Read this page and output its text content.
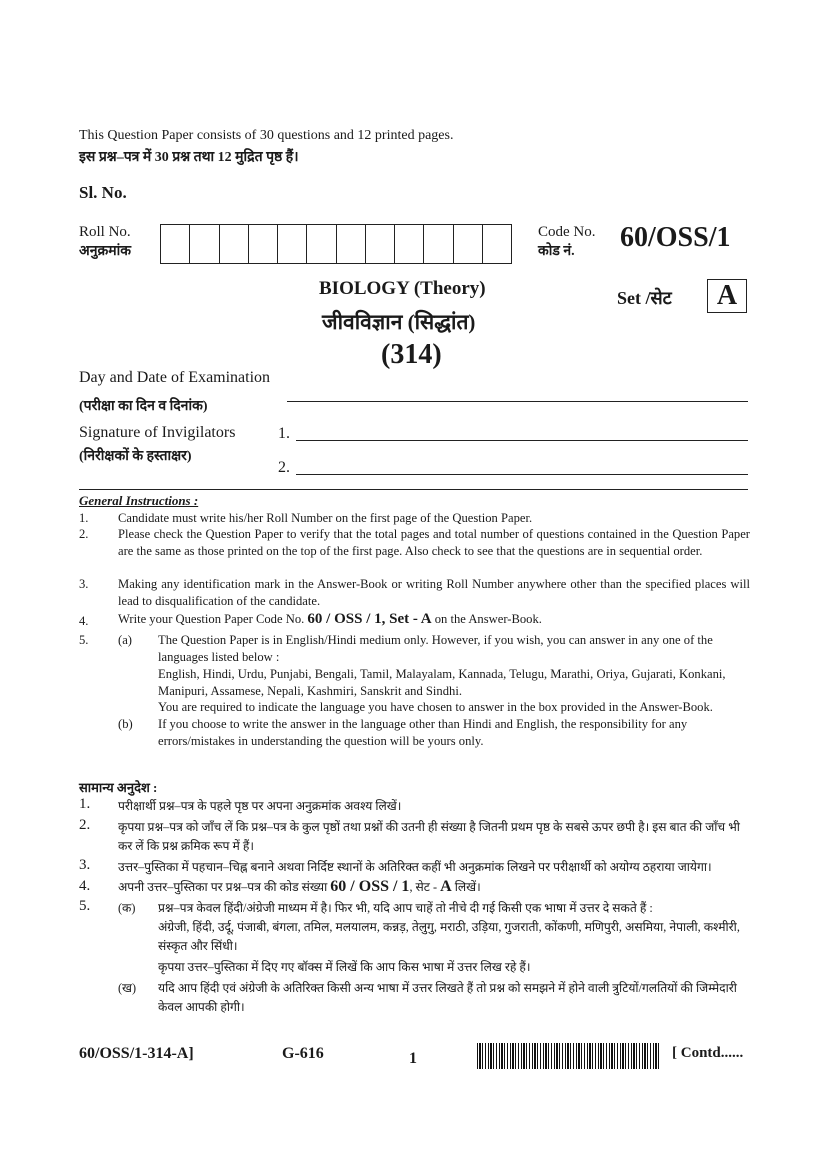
This Question Paper consists of 30 questions and 12 printed pages.
इस प्रश्न–पत्र में 30 प्रश्न तथा 12 मुद्रित पृष्ठ हैं।
Sl. No.
Roll No.
अनुक्रमांक
Code No.
कोड नं.	60/OSS/1
BIOLOGY (Theory)
जीवविज्ञान (सिद्धांत)
(314)
Set /सेट	A
Day and Date of Examination
(परीक्षा का दिन व दिनांक)
Signature of Invigilators
(निरीक्षकों के हस्ताक्षर)
1.
2.
General Instructions :
1. Candidate must write his/her Roll Number on the first page of the Question Paper.
2. Please check the Question Paper to verify that the total pages and total number of questions contained in the Question Paper are the same as those printed on the top of the first page. Also check to see that the questions are in sequential order.
3. Making any identification mark in the Answer-Book or writing Roll Number anywhere other than the specified places will lead to disqualification of the candidate.
4. Write your Question Paper Code No. 60 / OSS / 1, Set - A on the Answer-Book.
5. (a) The Question Paper is in English/Hindi medium only. However, if you wish, you can answer in any one of the languages listed below :
English, Hindi, Urdu, Punjabi, Bengali, Tamil, Malayalam, Kannada, Telugu, Marathi, Oriya, Gujarati, Konkani, Manipuri, Assamese, Nepali, Kashmiri, Sanskrit and Sindhi.
You are required to indicate the language you have chosen to answer in the box provided in the Answer-Book.
(b) If you choose to write the answer in the language other than Hindi and English, the responsibility for any errors/mistakes in understanding the question will be yours only.
सामान्य अनुदेश :
1. परीक्षार्थी प्रश्न–पत्र के पहले पृष्ठ पर अपना अनुक्रमांक अवश्य लिखें।
2. कृपया प्रश्न–पत्र को जाँच लें कि प्रश्न–पत्र के कुल पृष्ठों तथा प्रश्नों की उतनी ही संख्या है जितनी प्रथम पृष्ठ के सबसे ऊपर छपी है। इस बात की जाँच भी कर लें कि प्रश्न क्रमिक रूप में हैं।
3. उत्तर–पुस्तिका में पहचान–चिह्न बनाने अथवा निर्दिष्ट स्थानों के अतिरिक्त कहीं भी अनुक्रमांक लिखने पर परीक्षार्थी को अयोग्य ठहराया जायेगा।
4. अपनी उत्तर–पुस्तिका पर प्रश्न–पत्र की कोड संख्या 60 / OSS / 1, सेट - A लिखें।
5. (क) प्रश्न–पत्र केवल हिंदी/अंग्रेजी माध्यम में है। फिर भी, यदि आप चाहें तो नीचे दी गई किसी एक भाषा में उत्तर दे सकते हैं :
अंग्रेजी, हिंदी, उर्दू, पंजाबी, बंगला, तमिल, मलयालम, कन्नड़, तेलुगु, मराठी, उड़िया, गुजराती, कोंकणी, मणिपुरी, असमिया, नेपाली, कश्मीरी, संस्कृत और सिंधी।
कृपया उत्तर–पुस्तिका में दिए गए बॉक्स में लिखें कि आप किस भाषा में उत्तर लिख रहे हैं।
(ख) यदि आप हिंदी एवं अंग्रेजी के अतिरिक्त किसी अन्य भाषा में उत्तर लिखते हैं तो प्रश्न को समझने में होने वाली त्रुटियों/गलतियों की जिम्मेदारी केवल आपकी होगी।
60/OSS/1-314-A]	G-616	1	[ Contd......
